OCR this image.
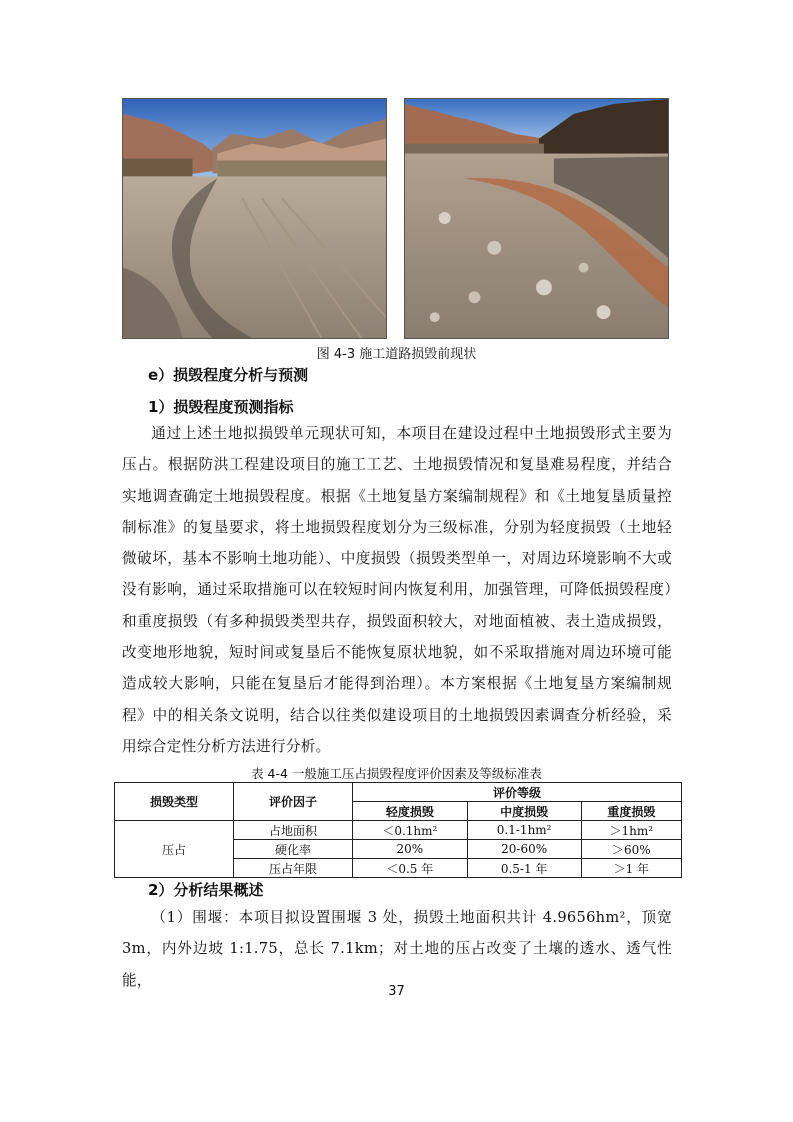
图 4-3 施工道路损毁前现状
e）损毁程度分析与预测
1）损毁程度预测指标
通过上述土地拟损毁单元现状可知，本项目在建设过程中土地损毁形式主要为压占。根据防洪工程建设项目的施工工艺、土地损毁情况和复垦难易程度，并结合实地调查确定土地损毁程度。根据《土地复垦方案编制规程》和《土地复垦质量控制标准》的复垦要求，将土地损毁程度划分为三级标准，分别为轻度损毁（土地轻微破坏，基本不影响土地功能）、中度损毁（损毁类型单一，对周边环境影响不大或没有影响，通过采取措施可以在较短时间内恢复利用，加强管理，可降低损毁程度）和重度损毁（有多种损毁类型共存，损毁面积较大，对地面植被、表土造成损毁，改变地形地貌，短时间或复垦后不能恢复原状地貌，如不采取措施对周边环境可能造成较大影响，只能在复垦后才能得到治理）。本方案根据《土地复垦方案编制规程》中的相关条文说明，结合以往类似建设项目的土地损毁因素调查分析经验，采用综合定性分析方法进行分析。
表 4-4 一般施工压占损毁程度评价因素及等级标准表
损毁类型	评价因子	评价等级		
		轻度损毁	中度损毁	重度损毁
压占	占地面积	＜0.1hm²	0.1-1hm²	＞1hm²
	硬化率	20%	20-60%	＞60%
	压占年限	＜0.5 年	0.5-1 年	＞1 年
2）分析结果概述
（1）围堰：本项目拟设置围堰 3 处，损毁土地面积共计 4.9656hm²，顶宽 3m，内外边坡 1:1.75，总长 7.1km；对土地的压占改变了土壤的透水、透气性能，
37
